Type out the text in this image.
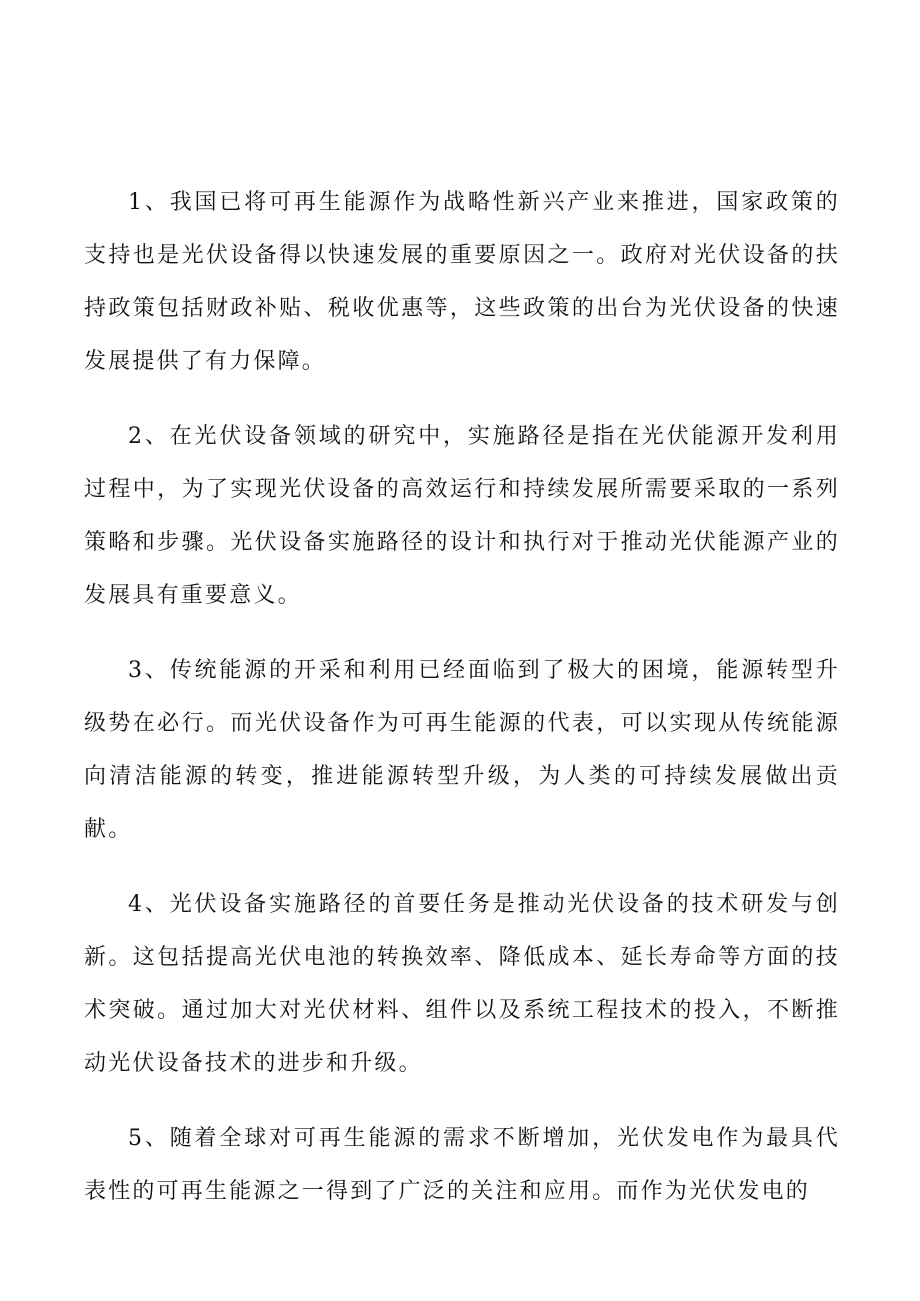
1、我国已将可再生能源作为战略性新兴产业来推进，国家政策的支持也是光伏设备得以快速发展的重要原因之一。政府对光伏设备的扶持政策包括财政补贴、税收优惠等，这些政策的出台为光伏设备的快速发展提供了有力保障。

2、在光伏设备领域的研究中，实施路径是指在光伏能源开发利用过程中，为了实现光伏设备的高效运行和持续发展所需要采取的一系列策略和步骤。光伏设备实施路径的设计和执行对于推动光伏能源产业的发展具有重要意义。

3、传统能源的开采和利用已经面临到了极大的困境，能源转型升级势在必行。而光伏设备作为可再生能源的代表，可以实现从传统能源向清洁能源的转变，推进能源转型升级，为人类的可持续发展做出贡献。

4、光伏设备实施路径的首要任务是推动光伏设备的技术研发与创新。这包括提高光伏电池的转换效率、降低成本、延长寿命等方面的技术突破。通过加大对光伏材料、组件以及系统工程技术的投入，不断推动光伏设备技术的进步和升级。

5、随着全球对可再生能源的需求不断增加，光伏发电作为最具代表性的可再生能源之一得到了广泛的关注和应用。而作为光伏发电的
